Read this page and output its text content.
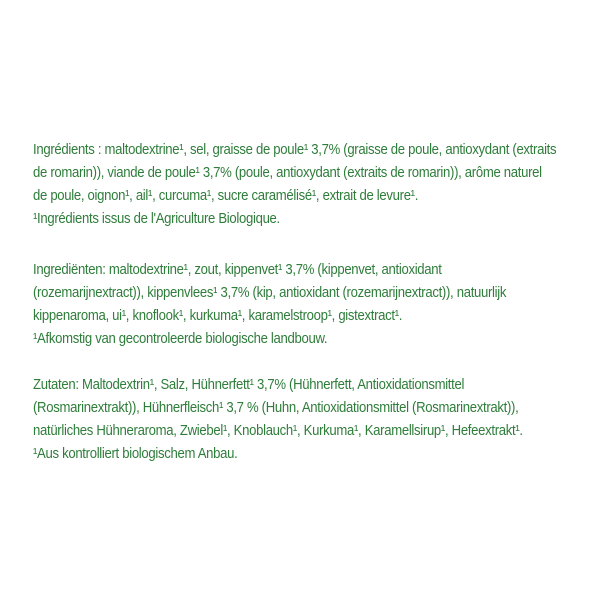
Ingrédients : maltodextrine¹, sel, graisse de poule¹ 3,7% (graisse de poule, antioxydant (extraits
de romarin)), viande de poule¹ 3,7% (poule, antioxydant (extraits de romarin)), arôme naturel
de poule, oignon¹, ail¹, curcuma¹, sucre caramélisé¹, extrait de levure¹.
¹Ingrédients issus de l'Agriculture Biologique.
Ingrediënten: maltodextrine¹, zout, kippenvet¹ 3,7% (kippenvet, antioxidant
(rozemarijnextract)), kippenvlees¹ 3,7% (kip, antioxidant (rozemarijnextract)), natuurlijk
kippenaroma, ui¹, knoflook¹, kurkuma¹, karamelstroop¹, gistextract¹.
¹Afkomstig van gecontroleerde biologische landbouw.
Zutaten: Maltodextrin¹, Salz, Hühnerfett¹ 3,7% (Hühnerfett, Antioxidationsmittel
(Rosmarinextrakt)), Hühnerfleisch¹ 3,7 % (Huhn, Antioxidationsmittel (Rosmarinextrakt)),
natürliches Hühneraroma, Zwiebel¹, Knoblauch¹, Kurkuma¹, Karamellsirup¹, Hefeextrakt¹.
¹Aus kontrolliert biologischem Anbau.
